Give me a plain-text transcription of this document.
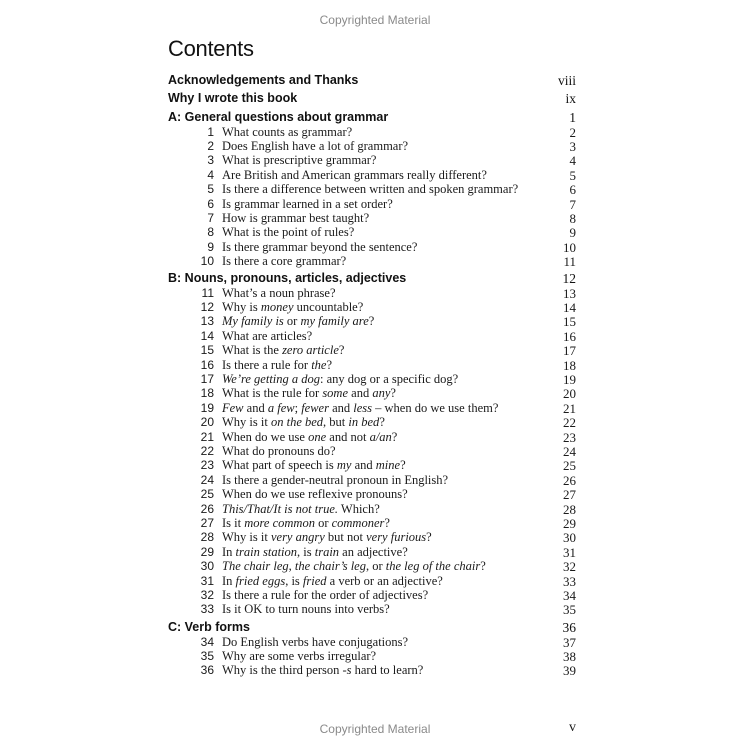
Copyrighted Material
Contents
Acknowledgements and Thanks	viii
Why I wrote this book	ix
A: General questions about grammar	1
1 What counts as grammar?	2
2 Does English have a lot of grammar?	3
3 What is prescriptive grammar?	4
4 Are British and American grammars really different?	5
5 Is there a difference between written and spoken grammar?	6
6 Is grammar learned in a set order?	7
7 How is grammar best taught?	8
8 What is the point of rules?	9
9 Is there grammar beyond the sentence?	10
10 Is there a core grammar?	11
B: Nouns, pronouns, articles, adjectives	12
11 What’s a noun phrase?	13
12 Why is money uncountable?	14
13 My family is or my family are?	15
14 What are articles?	16
15 What is the zero article?	17
16 Is there a rule for the?	18
17 We’re getting a dog: any dog or a specific dog?	19
18 What is the rule for some and any?	20
19 Few and a few; fewer and less – when do we use them?	21
20 Why is it on the bed, but in bed?	22
21 When do we use one and not a/an?	23
22 What do pronouns do?	24
23 What part of speech is my and mine?	25
24 Is there a gender-neutral pronoun in English?	26
25 When do we use reflexive pronouns?	27
26 This/That/It is not true. Which?	28
27 Is it more common or commoner?	29
28 Why is it very angry but not very furious?	30
29 In train station, is train an adjective?	31
30 The chair leg, the chair’s leg, or the leg of the chair?	32
31 In fried eggs, is fried a verb or an adjective?	33
32 Is there a rule for the order of adjectives?	34
33 Is it OK to turn nouns into verbs?	35
C: Verb forms	36
34 Do English verbs have conjugations?	37
35 Why are some verbs irregular?	38
36 Why is the third person -s hard to learn?	39
Copyrighted Material	v
